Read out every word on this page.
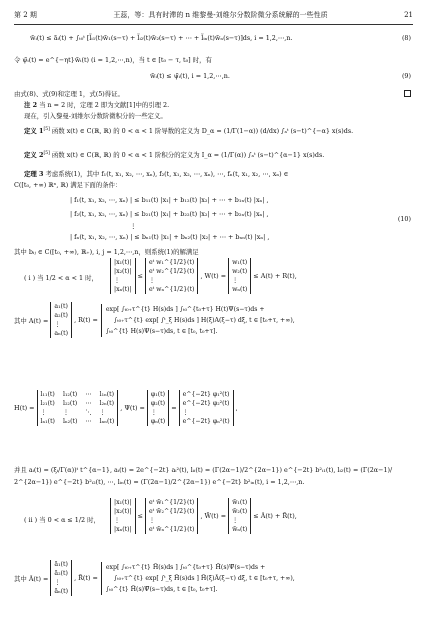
第 2 期	王蕊，等：具有时滞的 n 维黎曼-刘维尔分数阶微分系统解的一些性质	21
w̃ᵢ(t) ≤ ãᵢ(t) + ∫ₜ₀ᵗ [l̃ᵢ₁(t)w̃₁(s−τ) + l̃ᵢ₂(t)w̃₂(s−τ) + ⋯ + l̃ᵢₙ(t)w̃ₙ(s−τ)]ds, i = 1,2,⋯,n.	(8)
令 ψ̃ᵢ(t) = e^{−ηt}w̃ᵢ(t) (i = 1,2,⋯,n)，当 t ∈ [t₀ − τ, t₀] 时，有
w̃ᵢ(t) ≤ ψ̃ᵢ(t), i = 1,2,⋯,n.	(9)
由式(8)、式(9)和定理 1，式(5)得证。
注 2 当 n = 2 时，定理 2 即为文献[1]中的引理 2.
现在，引入黎曼-刘维尔分数阶微积分的一些定义。
定义 1[5] 函数 x(t) ∈ C(ℝ, ℝ) 的 0 < α < 1 阶导数的定义为 D_α = (1/Γ(1−α)) (d/dx) ∫ₐᵗ (s−t)^{−α} x(s)ds.
定义 2[5] 函数 x(t) ∈ C(ℝ, ℝ) 的 0 < α < 1 阶积分的定义为 I_α = (1/Γ(α)) ∫ₐᵗ (s−t)^{α−1} x(s)ds.
定理 3 考虑系统(1)，其中 f₁(t, x₁, x₂, ⋯, xₙ), f₂(t, x₁, x₂, ⋯, xₙ), ⋯, fₙ(t, x₁, x₂, ⋯, xₙ) ∈
C([t₀, +∞) ℝⁿ, ℝ) 满足下面的条件：
| f₁(t, x₁, x₂, ⋯, xₙ) | ≤ b₁₁(t) |x₁| + b₁₂(t) |x₂| + ⋯ + b₁ₙ(t) |xₙ| ,
| f₂(t, x₁, x₂, ⋯, xₙ) | ≤ b₂₁(t) |x₁| + b₂₂(t) |x₂| + ⋯ + b₂ₙ(t) |xₙ| ,
⋮
| fₙ(t, x₁, x₂, ⋯, xₙ) | ≤ bₙ₁(t) |x₁| + bₙ₂(t) |x₂| + ⋯ + bₙₙ(t) |xₙ| ,
(10)
其中 bᵢⱼ ∈ C([t₀, +∞), ℝ₊), i, j = 1,2,⋯,n，则系统(1)的解满足
( i ) 当 1/2 < α < 1 时，
|x₁(t)|
|x₂(t)|
⋮
|xₙ(t)|
≤
eᵗ w₁^{1/2}(t)
eᵗ w₂^{1/2}(t)
⋮
eᵗ wₙ^{1/2}(t)
, W(t) =
w₁(t)
w₂(t)
⋮
wₙ(t)
≤ A(t) + R(t),
其中 A(t) =
a₁(t)
a₂(t)
⋮
aₙ(t)
, R(t) =
exp[ ∫ₜ₀₊τ^{t} H(s)ds ] ∫ₜ₀^{t₀+τ} H(t)Ψ(s−τ)ds +
∫ₜ₀₊τ^{t} exp[ ∫ᵗ_ξ H(s)ds ] H(ξ)A(ξ−τ) dξ, t ∈ [t₀+τ, +∞),
∫ₜ₀^{t} H(s)Ψ(s−τ)ds, t ∈ [t₀, t₀+τ].
H(t) =
l₁₁(t) l₁₂(t) ⋯ l₁ₙ(t)
l₂₁(t) l₂₂(t) ⋯ l₂ₙ(t)
⋮	⋮	⋱ ⋮
lₙ₁(t) lₙ₂(t) ⋯ lₙₙ(t)
, Ψ(t) =
φ₁(t)
φ₂(t)
⋮
φₙ(t)
=
e^{−2t} φ₁²(t)
e^{−2t} φ₂²(t)
⋮
e^{−2t} φₙ²(t)
,
并且 aᵢ(t) = (ξᵢ/Γ(α))ᵗ t^{α−1}, aᵢ(t) = 2e^{−2t} aᵢ²(t), lᵢᵢ(t) = (Γ(2α−1)/2^{2α−1}) e^{−2t} b²ᵢ₁(t), lᵢ₂(t) = (Γ(2α−1)/
2^{2α−1}) e^{−2t} b²ᵢ₂(t), ⋯, lᵢₙ(t) = (Γ(2α−1)/2^{2α−1}) e^{−2t} b²ᵢₙ(t), i = 1,2,⋯,n.
( ii ) 当 0 < α ≤ 1/2 时，
|x₁(t)|
|x₂(t)|
⋮
|xₙ(t)|
≤
eᵗ w̃₁^{1/2}(t)
eᵗ w̃₂^{1/2}(t)
⋮
eᵗ w̃ₙ^{1/2}(t)
, W̃(t) =
w̃₁(t)
w̃₂(t)
⋮
w̃ₙ(t)
≤ Ã(t) + R̃(t),
其中 Ã(t) =
ã₁(t)
ã₂(t)
⋮
ãₙ(t)
, R̃(t) =
exp[ ∫ₜ₀₊τ^{t} H̃(s)ds ] ∫ₜ₀^{t₀+τ} H̃(s)Ψ̃(s−τ)ds +
∫ₜ₀₊τ^{t} exp[ ∫ᵗ_ξ H̃(s)ds ] H̃(ξ)Ã(ξ−τ) dξ, t ∈ [t₀+τ, +∞),
∫ₜ₀^{t} H̃(s)Ψ̃(s−τ)ds, t ∈ [t₀, t₀+τ].
